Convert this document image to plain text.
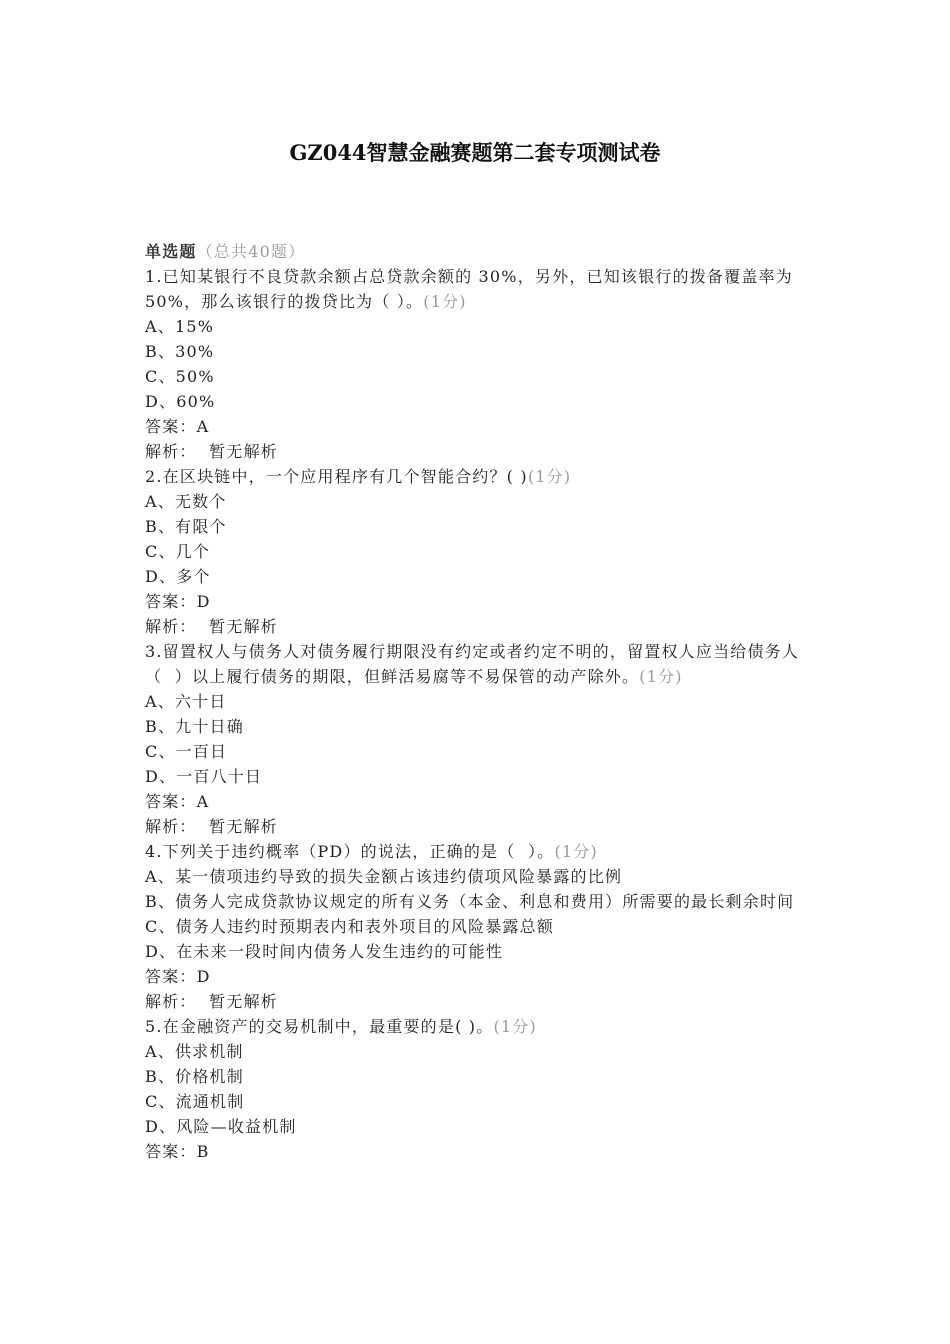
GZ044智慧金融赛题第二套专项测试卷
单选题（总共40题）
1.已知某银行不良贷款余额占总贷款余额的 30%，另外，已知该银行的拨备覆盖率为 50%，那么该银行的拨贷比为（ ）。(1分)
A、15%
B、30%
C、50%
D、60%
答案：A
解析：  暂无解析
2.在区块链中，一个应用程序有几个智能合约？( )(1分)
A、无数个
B、有限个
C、几个
D、多个
答案：D
解析：  暂无解析
3.留置权人与债务人对债务履行期限没有约定或者约定不明的，留置权人应当给债务人（  ）以上履行债务的期限，但鲜活易腐等不易保管的动产除外。(1分)
A、六十日
B、九十日确
C、一百日
D、一百八十日
答案：A
解析：  暂无解析
4.下列关于违约概率（PD）的说法，正确的是（  ）。(1分)
A、某一债项违约导致的损失金额占该违约债项风险暴露的比例
B、债务人完成贷款协议规定的所有义务（本金、利息和费用）所需要的最长剩余时间
C、债务人违约时预期表内和表外项目的风险暴露总额
D、在未来一段时间内债务人发生违约的可能性
答案：D
解析：  暂无解析
5.在金融资产的交易机制中，最重要的是( )。(1分)
A、供求机制
B、价格机制
C、流通机制
D、风险—收益机制
答案：B
